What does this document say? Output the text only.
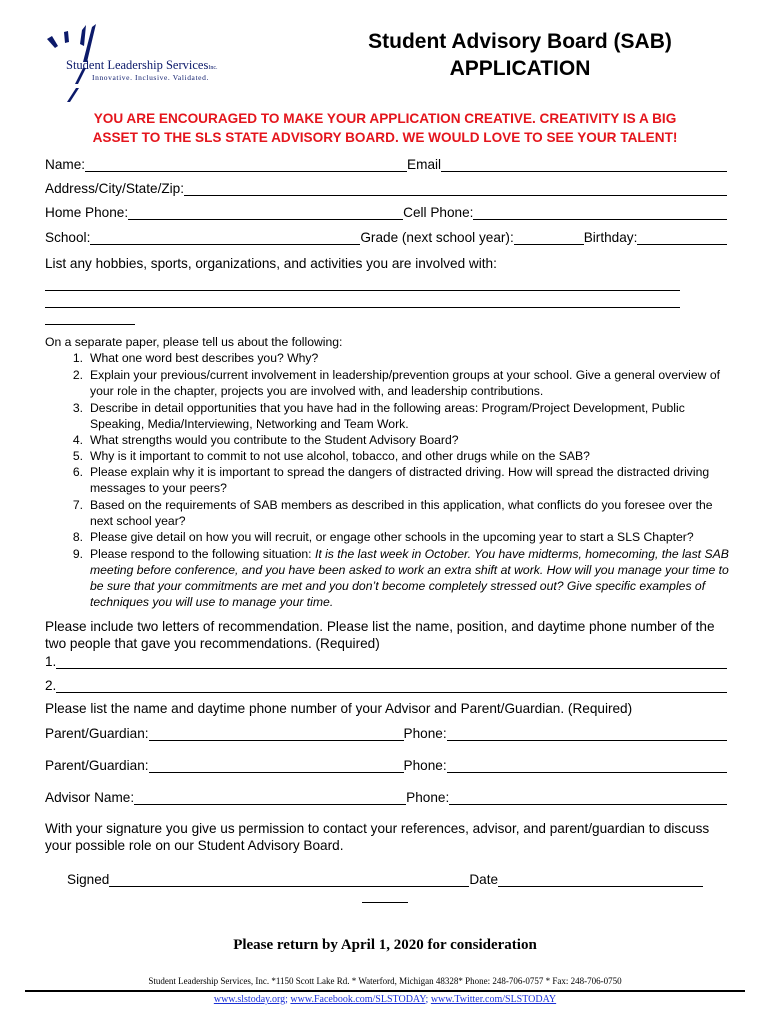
Student Leadership ServicesInc.
Innovative. Inclusive. Validated.
Student Advisory Board (SAB)
APPLICATION
YOU ARE ENCOURAGED TO MAKE YOUR APPLICATION CREATIVE. CREATIVITY IS A BIG
ASSET TO THE SLS STATE ADVISORY BOARD. WE WOULD LOVE TO SEE YOUR TALENT!
Name:	Email
Address/City/State/Zip:
Home Phone:	Cell Phone:
School:	Grade (next school year):	Birthday:
List any hobbies, sports, organizations, and activities you are involved with:
On a separate paper, please tell us about the following:
1. What one word best describes you? Why?
2. Explain your previous/current involvement in leadership/prevention groups at your school. Give a general overview of your role in the chapter, projects you are involved with, and leadership contributions.
3. Describe in detail opportunities that you have had in the following areas: Program/Project Development, Public Speaking, Media/Interviewing, Networking and Team Work.
4. What strengths would you contribute to the Student Advisory Board?
5. Why is it important to commit to not use alcohol, tobacco, and other drugs while on the SAB?
6. Please explain why it is important to spread the dangers of distracted driving. How will spread the distracted driving messages to your peers?
7. Based on the requirements of SAB members as described in this application, what conflicts do you foresee over the next school year?
8. Please give detail on how you will recruit, or engage other schools in the upcoming year to start a SLS Chapter?
9. Please respond to the following situation: It is the last week in October. You have midterms, homecoming, the last SAB meeting before conference, and you have been asked to work an extra shift at work. How will you manage your time to be sure that your commitments are met and you don’t become completely stressed out? Give specific examples of techniques you will use to manage your time.
Please include two letters of recommendation. Please list the name, position, and daytime phone number of the two people that gave you recommendations. (Required)
1.
2.
Please list the name and daytime phone number of your Advisor and Parent/Guardian. (Required)
Parent/Guardian:	Phone:
Parent/Guardian:	Phone:
Advisor Name:	Phone:
With your signature you give us permission to contact your references, advisor, and parent/guardian to discuss your possible role on our Student Advisory Board.
Signed	Date
Please return by April 1, 2020 for consideration
Student Leadership Services, Inc. *1150 Scott Lake Rd. * Waterford, Michigan 48328* Phone: 248-706-0757 * Fax: 248-706-0750
www.slstoday.org; www.Facebook.com/SLSTODAY; www.Twitter.com/SLSTODAY
